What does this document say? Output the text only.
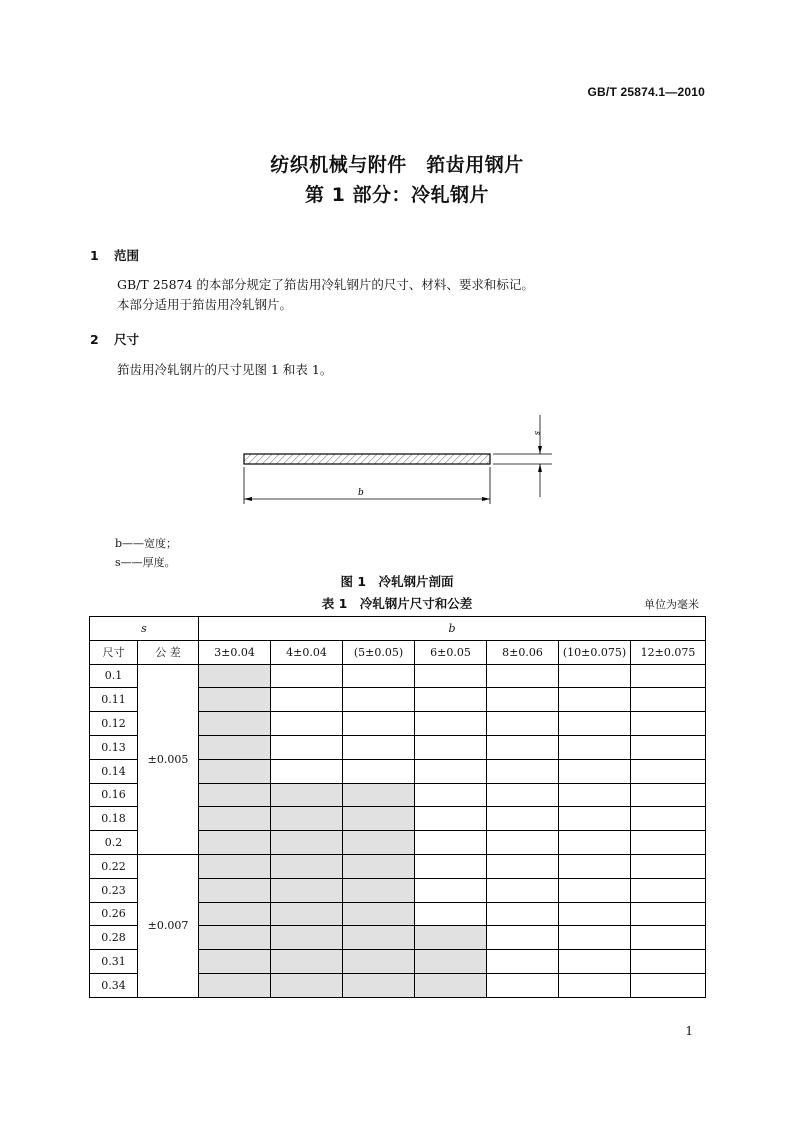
GB/T 25874.1—2010
纺织机械与附件　筘齿用钢片
第 1 部分：冷轧钢片
1 范围
GB/T 25874 的本部分规定了筘齿用冷轧钢片的尺寸、材料、要求和标记。
本部分适用于筘齿用冷轧钢片。
2 尺寸
筘齿用冷轧钢片的尺寸见图 1 和表 1。
b
s
b——宽度；
s——厚度。
图 1　冷轧钢片剖面
表 1　冷轧钢片尺寸和公差	单位为毫米
s		b						
尺寸	公 差	3±0.04	4±0.04	(5±0.05)	6±0.05	8±0.06	(10±0.075)	12±0.075
0.1	±0.005							
0.11								
0.12								
0.13								
0.14								
0.16								
0.18								
0.2								
0.22	±0.007							
0.23								
0.26								
0.28								
0.31								
0.34								
1
